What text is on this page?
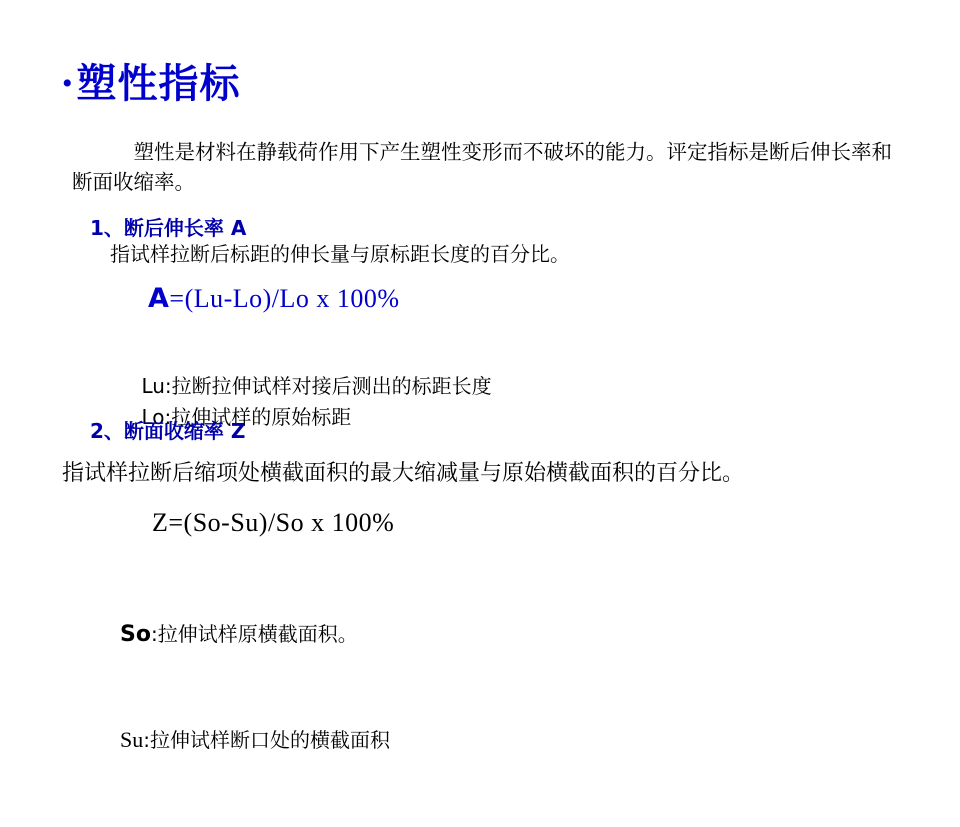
• 塑性指标
　　　塑性是材料在静载荷作用下产生塑性变形而不破坏的能力。评定指标是断后伸长率和断面收缩率。
1、断后伸长率 A
指试样拉断后标距的伸长量与原标距长度的百分比。
A=(Lu-Lo)/Lo x 100%

Lu:拉断拉伸试样对接后测出的标距长度
Lo:拉伸试样的原始标距

2、断面收缩率 Z
指试样拉断后缩项处横截面积的最大缩减量与原始横截面积的百分比。
Z=(So-Su)/So x 100%

So:拉伸试样原横截面积。

Su:拉伸试样断口处的横截面积
